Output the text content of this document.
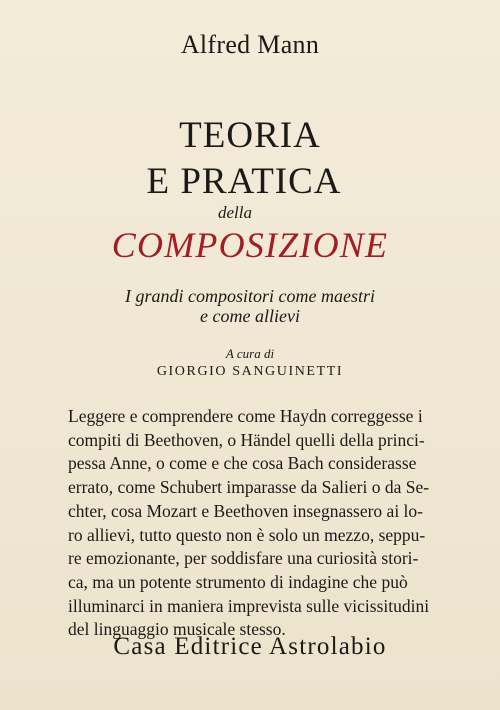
Alfred Mann
TEORIA
E PRATICA
della
COMPOSIZIONE
I grandi compositori come maestri
e come allievi
A cura di
GIORGIO SANGUINETTI
Leggere e comprendere come Haydn correggesse i
compiti di Beethoven, o Händel quelli della princi-
pessa Anne, o come e che cosa Bach considerasse
errato, come Schubert imparasse da Salieri o da Se-
chter, cosa Mozart e Beethoven insegnassero ai lo-
ro allievi, tutto questo non è solo un mezzo, seppu-
re emozionante, per soddisfare una curiosità stori-
ca, ma un potente strumento di indagine che può
illuminarci in maniera imprevista sulle vicissitudini
del linguaggio musicale stesso.
Casa Editrice Astrolabio
